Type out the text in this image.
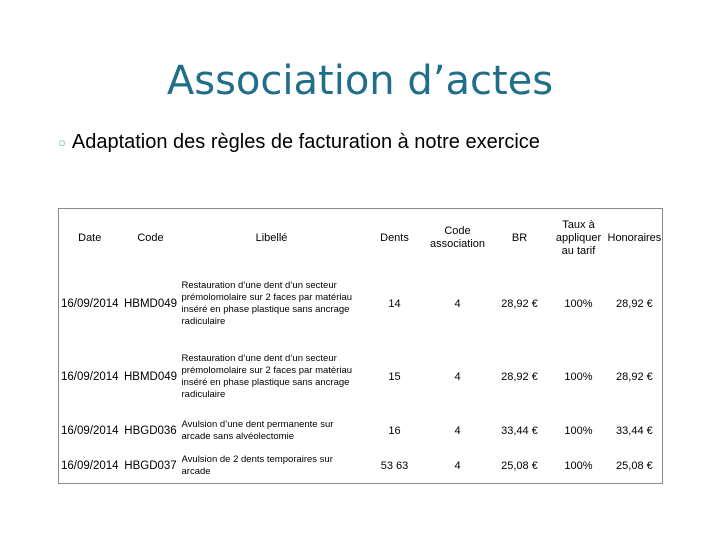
Association d’actes
○ Adaptation des règles de facturation à notre exercice
Date	Code	Libellé	Dents	Code association	BR	Taux à appliquer au tarif	Honoraires
16/09/2014	HBMD049	Restauration d’une dent d’un secteur prémolomolaire sur 2 faces par matériau inséré en phase plastique sans ancrage radiculaire	14	4	28,92 €	100%	28,92 €
16/09/2014	HBMD049	Restauration d’une dent d’un secteur prémolomolaire sur 2 faces par matériau inséré en phase plastique sans ancrage radiculaire	15	4	28,92 €	100%	28,92 €
16/09/2014	HBGD036	Avulsion d’une dent permanente sur arcade sans alvéolectomie	16	4	33,44 €	100%	33,44 €
16/09/2014	HBGD037	Avulsion de 2 dents temporaires sur arcade	53 63	4	25,08 €	100%	25,08 €
